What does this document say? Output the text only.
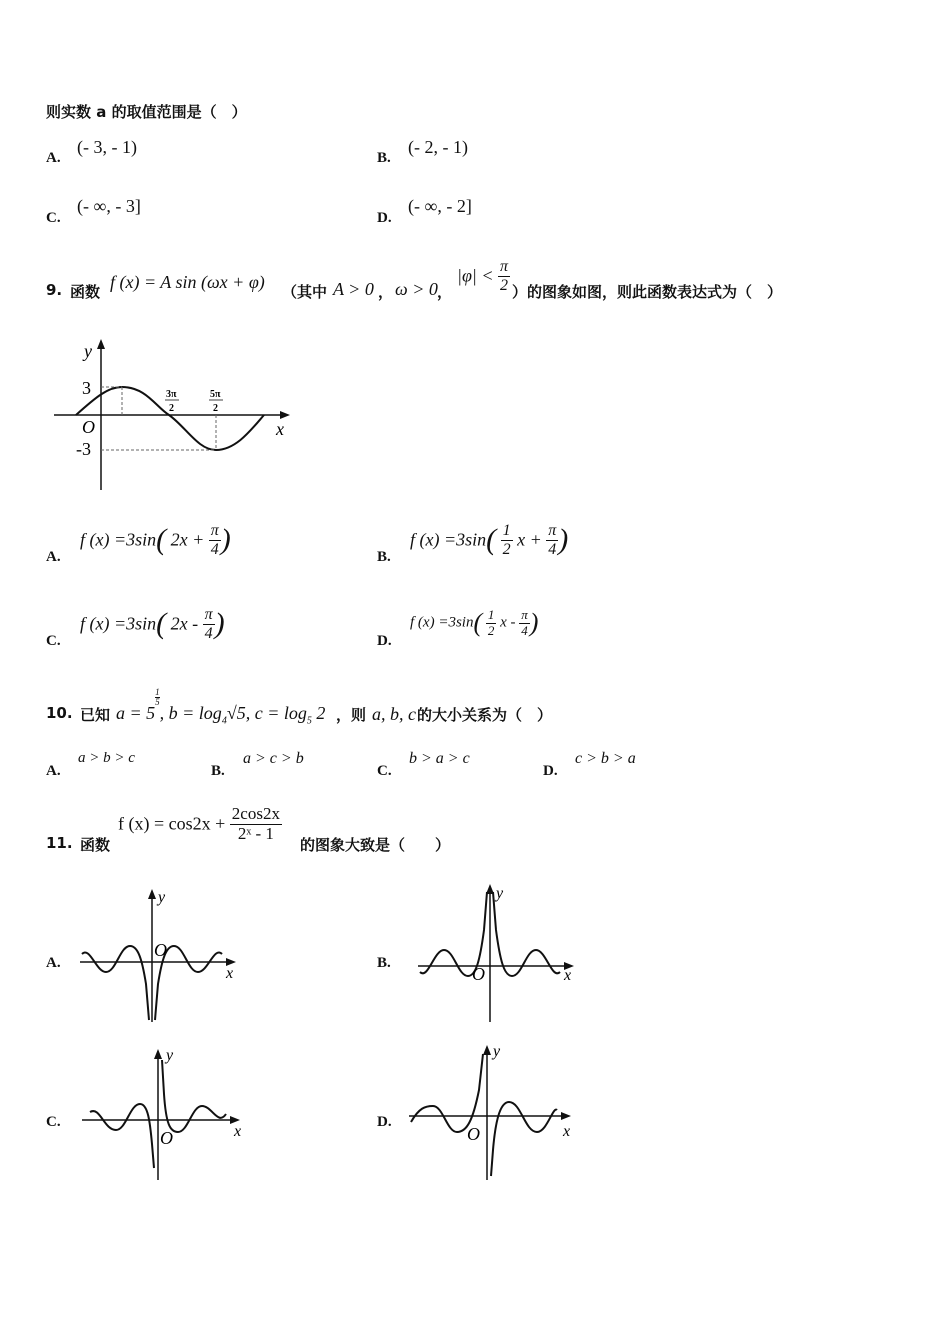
则实数 a 的取值范围是（　）
A.
(- 3, - 1)
B.
(- 2, - 1)
C.
(- ∞, - 3]
D.
(- ∞, - 2]
9. 函数 f (x) = A sin (ωx + φ) （其中 A > 0 ， ω > 0 ，
$|\varphi| < \frac{\pi}{2}$ ）的图象如图，则此函数表达式为（　）
y
x
O
3
-3
3π
2
5π
2
A.
f (x) =3sin( $2x + \frac{\pi}{4}$ )
B.
f $(x) =3\sin( \frac{1}{2}$ $x + \frac{\pi}{4}$ )
C.
f (x) =3sin( $2x - \frac{\pi}{4}$ )
D.
f $(x) =3\sin( \frac{1}{2}$ x - $\frac{\pi}{4}$ )
10. 已知 a = 5
$\frac{1}{5}$
, $b = \log_4√5$, $c = \log_5 2$ ，则 a, b, c 的大小关系为（　）
A.
a > b > c
B.
a > c > b
C.
b > a > c
D.
c > b > a
11. 函数
f $(x) = \cos 2x + \frac{2\cos 2x}{\text{2ˣ - 1}}$
的图象大致是（　　）
A.
y
x
O
B.
y
x
O
C.
y
x
O
D.
y
x
O
